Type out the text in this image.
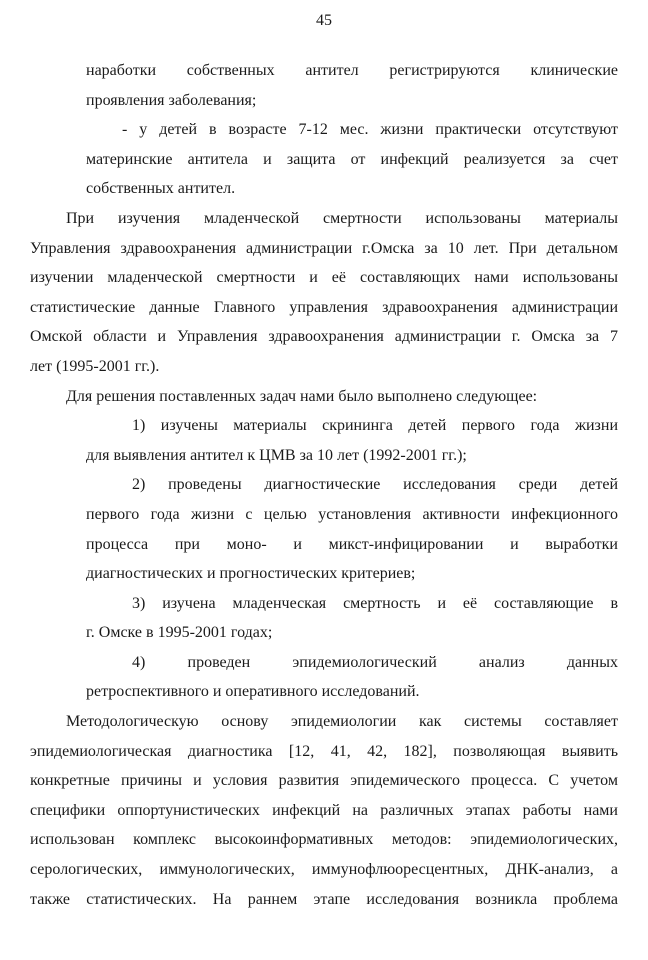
45

наработки собственных антител регистрируются клинические

проявления заболевания;

- у детей в возрасте 7-12 мес. жизни практически отсутствуют

материнские антитела и защита от инфекций реализуется за счет

собственных антител.

При изучения младенческой смертности использованы материалы

Управления здравоохранения администрации г.Омска за 10 лет. При детальном

изучении младенческой смертности и её составляющих нами использованы

статистические данные Главного управления здравоохранения администрации

Омской области и Управления здравоохранения администрации г. Омска за 7

лет (1995-2001 гг.).

Для решения поставленных задач нами было выполнено следующее:

1) изучены материалы скрининга детей первого года жизни

для выявления антител к ЦМВ за 10 лет (1992-2001 гг.);

2) проведены диагностические исследования среди детей

первого года жизни с целью установления активности инфекционного

процесса при моно- и микст-инфицировании и выработки

диагностических и прогностических критериев;

3) изучена младенческая смертность и её составляющие в

г. Омске в 1995-2001 годах;

4) проведен эпидемиологический анализ данных

ретроспективного и оперативного исследований.

Методологическую основу эпидемиологии как системы составляет

эпидемиологическая диагностика [12, 41, 42, 182], позволяющая выявить

конкретные причины и условия развития эпидемического процесса. С учетом

специфики оппортунистических инфекций на различных этапах работы нами

использован комплекс высокоинформативных методов: эпидемиологических,

серологических, иммунологических, иммунофлюоресцентных, ДНК-анализ, а

также статистических. На раннем этапе исследования возникла проблема
